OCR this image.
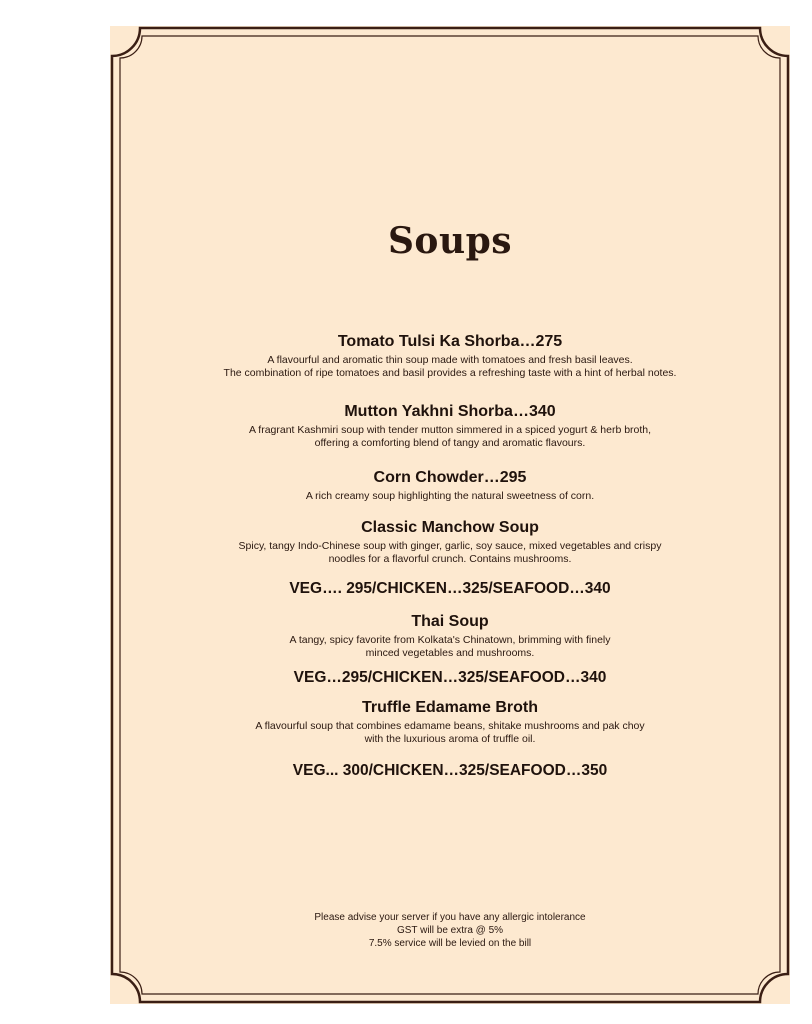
Soups
Tomato Tulsi Ka Shorba…275
A flavourful and aromatic thin soup made with tomatoes and fresh basil leaves.
The combination of ripe tomatoes and basil provides a refreshing taste with a hint of herbal notes.
Mutton Yakhni Shorba…340
A fragrant Kashmiri soup with tender mutton simmered in a spiced yogurt & herb broth,
offering a comforting blend of tangy and aromatic flavours.
Corn Chowder…295
A rich creamy soup highlighting the natural sweetness of corn.
Classic Manchow Soup
Spicy, tangy Indo-Chinese soup with ginger, garlic, soy sauce, mixed vegetables and crispy
noodles for a flavorful crunch. Contains mushrooms.
VEG…. 295/CHICKEN…325/SEAFOOD…340
Thai Soup
A tangy, spicy favorite from Kolkata's Chinatown, brimming with finely
minced vegetables and mushrooms.
VEG…295/CHICKEN…325/SEAFOOD…340
Truffle Edamame Broth
A flavourful soup that combines edamame beans, shitake mushrooms and pak choy
with the luxurious aroma of truffle oil.
VEG... 300/CHICKEN…325/SEAFOOD…350
Please advise your server if you have any allergic intolerance
GST will be extra @ 5%
7.5% service will be levied on the bill
